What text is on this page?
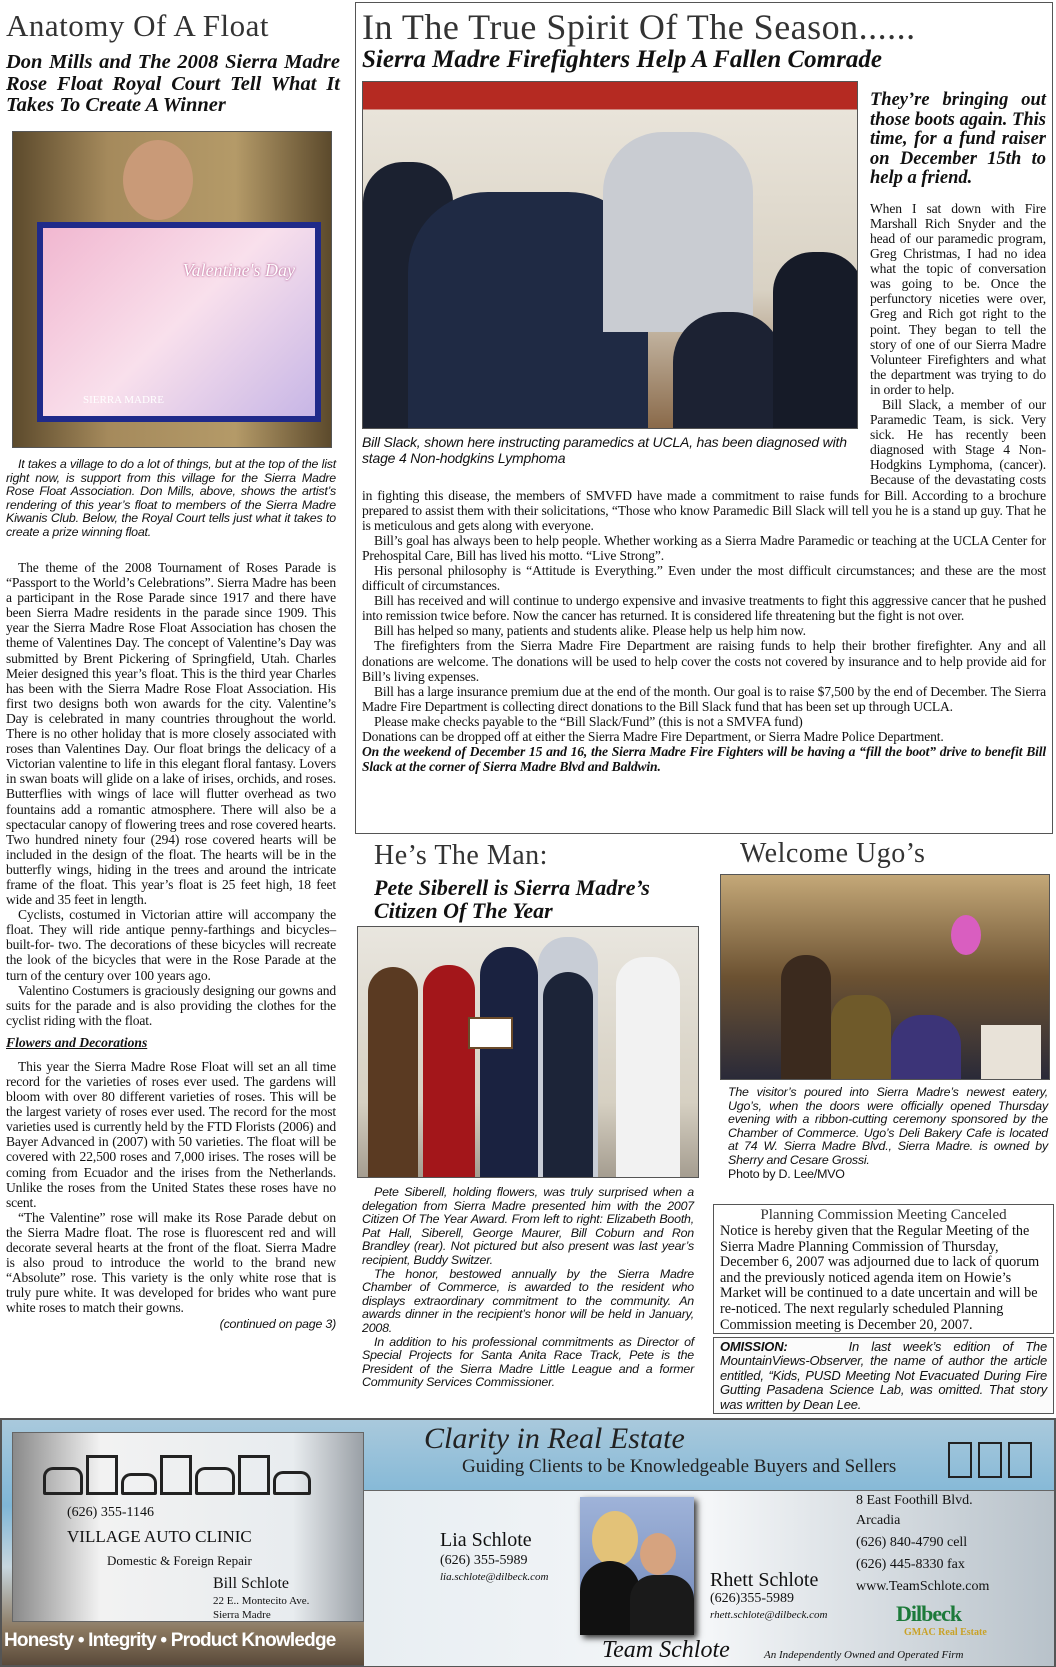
Anatomy Of A Float
Don Mills and The 2008 Sierra Madre Rose Float Royal Court Tell What It Takes To Create A Winner
Valentine's Day
SIERRA MADRE

It takes a village to do a lot of things, but at the top of the list right now, is support from this village for the Sierra Madre Rose Float Association. Don Mills, above, shows the artist’s rendering of this year’s float to members of the Sierra Madre Kiwanis Club. Below, the Royal Court tells just what it takes to create a prize winning float.

The theme of the 2008 Tournament of Roses Parade is “Passport to the World’s Celebrations”. Sierra Madre has been a participant in the Rose Parade since 1917 and there have been Sierra Madre residents in the parade since 1909. This year the Sierra Madre Rose Float Association has chosen the theme of Valentines Day. The concept of Valentine’s Day was submitted by Brent Pickering of Springfield, Utah. Charles Meier designed this year’s float. This is the third year Charles has been with the Sierra Madre Rose Float Association. His first two designs both won awards for the city. Valentine’s Day is celebrated in many countries throughout the world. There is no other holiday that is more closely associated with roses than Valentines Day. Our float brings the delicacy of a Victorian valentine to life in this elegant floral fantasy. Lovers in swan boats will glide on a lake of irises, orchids, and roses. Butterflies with wings of lace will flutter overhead as two fountains add a romantic atmosphere. There will also be a spectacular canopy of flowering trees and rose covered hearts. Two hundred ninety four (294) rose covered hearts will be included in the design of the float. The hearts will be in the butterfly wings, hiding in the trees and around the intricate frame of the float. This year’s float is 25 feet high, 18 feet wide and 35 feet in length.

Cyclists, costumed in Victorian attire will accompany the float. They will ride antique penny-farthings and bicycles–built-for- two. The decorations of these bicycles will recreate the look of the bicycles that were in the Rose Parade at the turn of the century over 100 years ago.

Valentino Costumers is graciously designing our gowns and suits for the parade and is also providing the clothes for the cyclist riding with the float.

Flowers and Decorations

This year the Sierra Madre Rose Float will set an all time record for the varieties of roses ever used. The gardens will bloom with over 80 different varieties of roses. This will be the largest variety of roses ever used. The record for the most varieties used is currently held by the FTD Florists (2006) and Bayer Advanced in (2007) with 50 varieties. The float will be covered with 22,500 roses and 7,000 irises. The roses will be coming from Ecuador and the irises from the Netherlands. Unlike the roses from the United States these roses have no scent.

“The Valentine” rose will make its Rose Parade debut on the Sierra Madre float. The rose is fluorescent red and will decorate several hearts at the front of the float. Sierra Madre is also proud to introduce the world to the brand new “Absolute” rose. This variety is the only white rose that is truly pure white. It was developed for brides who want pure white roses to match their gowns.

(continued on page 3)
In The True Spirit Of The Season......
Sierra Madre Firefighters Help A Fallen Comrade
Bill Slack, shown here instructing paramedics at UCLA, has been diagnosed with stage 4 Non-hodgkins Lymphoma
They’re bringing out those boots again. This time, for a fund raiser on December 15th to help a friend.

When I sat down with Fire Marshall Rich Snyder and the head of our paramedic program, Greg Christmas, I had no idea what the topic of conversation was going to be. Once the perfunctory niceties were over, Greg and Rich got right to the point. They began to tell the story of one of our Sierra Madre Volunteer Firefighters and what the department was trying to do in order to help.

Bill Slack, a member of our Paramedic Team, is sick. Very sick. He has recently been diagnosed with Stage 4 Non-Hodgkins Lymphoma, (cancer). Because of the devastating costs in fighting this disease, the members of SMVFD have made a commitment to raise funds for Bill. According to a brochure prepared to assist them with their solicitations, “Those who know Paramedic Bill Slack will tell you he is a stand up guy. That he is meticulous and gets along with everyone.

Bill’s goal has always been to help people. Whether working as a Sierra Madre Paramedic or teaching at the UCLA Center for Prehospital Care, Bill has lived his motto. “Live Strong”.

His personal philosophy is “Attitude is Everything.” Even under the most difficult circumstances; and these are the most difficult of circumstances.

Bill has received and will continue to undergo expensive and invasive treatments to fight this aggressive cancer that he pushed into remission twice before. Now the cancer has returned. It is considered life threatening but the fight is not over.

Bill has helped so many, patients and students alike. Please help us help him now.

The firefighters from the Sierra Madre Fire Department are raising funds to help their brother firefighter. Any and all donations are welcome. The donations will be used to help cover the costs not covered by insurance and to help provide aid for Bill’s living expenses.

Bill has a large insurance premium due at the end of the month. Our goal is to raise $7,500 by the end of December. The Sierra Madre Fire Department is collecting direct donations to the Bill Slack fund that has been set up through UCLA.

Please make checks payable to the “Bill Slack/Fund” (this is not a SMVFA fund)

Donations can be dropped off at either the Sierra Madre Fire Department, or Sierra Madre Police Department.

On the weekend of December 15 and 16, the Sierra Madre Fire Fighters will be having a “fill the boot” drive to benefit Bill Slack at the corner of Sierra Madre Blvd and Baldwin.

He’s The Man:
Pete Siberell is Sierra Madre’s Citizen Of The Year

Pete Siberell, holding flowers, was truly surprised when a delegation from Sierra Madre presented him with the 2007 Citizen Of The Year Award. From left to right: Elizabeth Booth, Pat Hall, Siberell, George Maurer, Bill Coburn and Ron Brandley (rear). Not pictured but also present was last year’s recipient, Buddy Switzer.

The honor, bestowed annually by the Sierra Madre Chamber of Commerce, is awarded to the resident who displays extraordinary commitment to the community. An awards dinner in the recipient’s honor will be held in January, 2008.

In addition to his professional commitments as Director of Special Projects for Santa Anita Race Track, Pete is the President of the Sierra Madre Little League and a former Community Services Commissioner.

Welcome Ugo’s

The visitor’s poured into Sierra Madre’s newest eatery, Ugo’s, when the doors were officially opened Thursday evening with a ribbon-cutting ceremony sponsored by the Chamber of Commerce. Ugo’s Deli Bakery Cafe is located at 74 W. Sierra Madre Blvd., Sierra Madre. is owned by Sherry and Cesare Grossi.

Photo by D. Lee/MVO
Planning Commission Meeting Canceled
Notice is hereby given that the Regular Meeting of the Sierra Madre Planning Commission of Thursday, December 6, 2007 was adjourned due to lack of quorum and the previously noticed agenda item on Howie’s Market will be continued to a date uncertain and will be re-noticed. The next regularly scheduled Planning Commission meeting is December 20, 2007.
OMISSION:	In last week’s edition of The MountainViews-Observer, the name of author the article entitled, “Kids, PUSD Meeting Not Evacuated During Fire Gutting Pasadena Science Lab, was omitted. That story was written by Dean Lee.
(626) 355-1146
VILLAGE AUTO CLINIC
Domestic & Foreign Repair
Bill Schlote
22 E.. Montecito Ave.
Sierra Madre
Honesty • Integrity • Product Knowledge
Clarity in Real Estate
Guiding Clients to be Knowledgeable Buyers and Sellers
Lia Schlote
(626) 355-5989
lia.schlote@dilbeck.com	Rhett Schlote
(626)355-5989
rhett.schlote@dilbeck.com
Team Schlote
8 East Foothill Blvd.
Arcadia
(626) 840-4790 cell
(626) 445-8330 fax
www.TeamSchlote.com
Dilbeck
GMAC Real Estate
An Independently Owned and Operated Firm
